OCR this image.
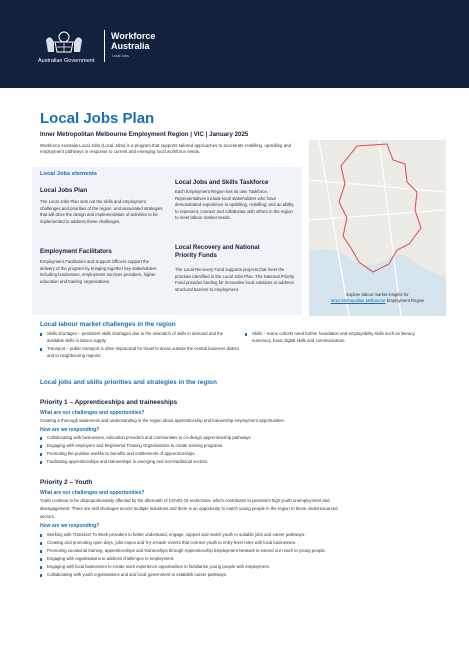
Australian Government
Workforce
Australia
Local Jobs
Local Jobs Plan
Inner Metropolitan Melbourne Employment Region | VIC | January 2025
Workforce Australia Local Jobs (Local Jobs) is a program that supports tailored approaches to accelerate reskilling, upskilling and employment pathways in response to current and emerging local workforce needs.
Local Jobs elements
Local Jobs Plan
The Local Jobs Plan sets out the skills and employment challenges and priorities of the region, and associated strategies that will drive the design and implementation of activities to be implemented to address these challenges.
Employment Facilitators
Employment Facilitators and Support Officers support the delivery of the program by bringing together key stakeholders including businesses, employment services providers, higher education and training organisations.
Local Jobs and Skills Taskforce
Each Employment Region has its own Taskforce. Representatives include local stakeholders who have demonstrated experience in upskilling, reskilling, and an ability to represent, connect and collaborate with others in the region to meet labour market needs.
Local Recovery and National
Priority Funds
The Local Recovery Fund supports projects that meet the priorities identified in the Local Jobs Plan. The National Priority Fund provides funding for innovative local solutions to address structural barriers to employment.
Explore labour market insights for
Inner Metropolitan Melbourne Employment Region
Local labour market challenges in the region
Skills shortages – persistent skills shortages due to the mismatch of skills in demand and the available skills in labour supply.
Transport – public transport is often impractical for travel to areas outside the central business district and to neighbouring regions.
Skills – Some cohorts need further foundation and employability skills such as literacy, numeracy, basic digital skills and communication.
Local jobs and skills priorities and strategies in the region
Priority 1 – Apprenticeships and traineeships
What are our challenges and opportunities?
Creating a thorough awareness and understanding in the region about apprenticeship and traineeship employment opportunities.
How are we responding?
Collaborating with businesses, education providers and communities to co-design apprenticeship pathways.
Engaging with employers and Registered Training Organisations to create training programs.
Promoting the positive workforce benefits and entitlements of apprenticeships.
Facilitating apprenticeships and traineeships in emerging and non-traditional sectors.
Priority 2 – Youth
What are our challenges and opportunities?
Youth continue to be disproportionately affected by the aftermath of COVID-19 restrictions, which contributes to persistent high youth unemployment and
disengagement. There are skill shortages across multiple industries and there is an opportunity to match young people in the region to these underresourced
sectors.
How are we responding?
Working with Transition To Work providers to better understand, engage, support and match youth to suitable jobs and career pathways.
Creating and promoting open days, jobs expos and 'try-a-trade' events that connect youth to entry-level roles with local businesses.
Promoting vocational training, apprenticeships and traineeships through Apprenticeship Employment Network to extend our reach to young people.
Engaging with organisations to address challenges to employment.
Engaging with local businesses to create work experience opportunities to familiarise young people with employment.
Collaborating with youth organisations and and local government to establish career pathways.
